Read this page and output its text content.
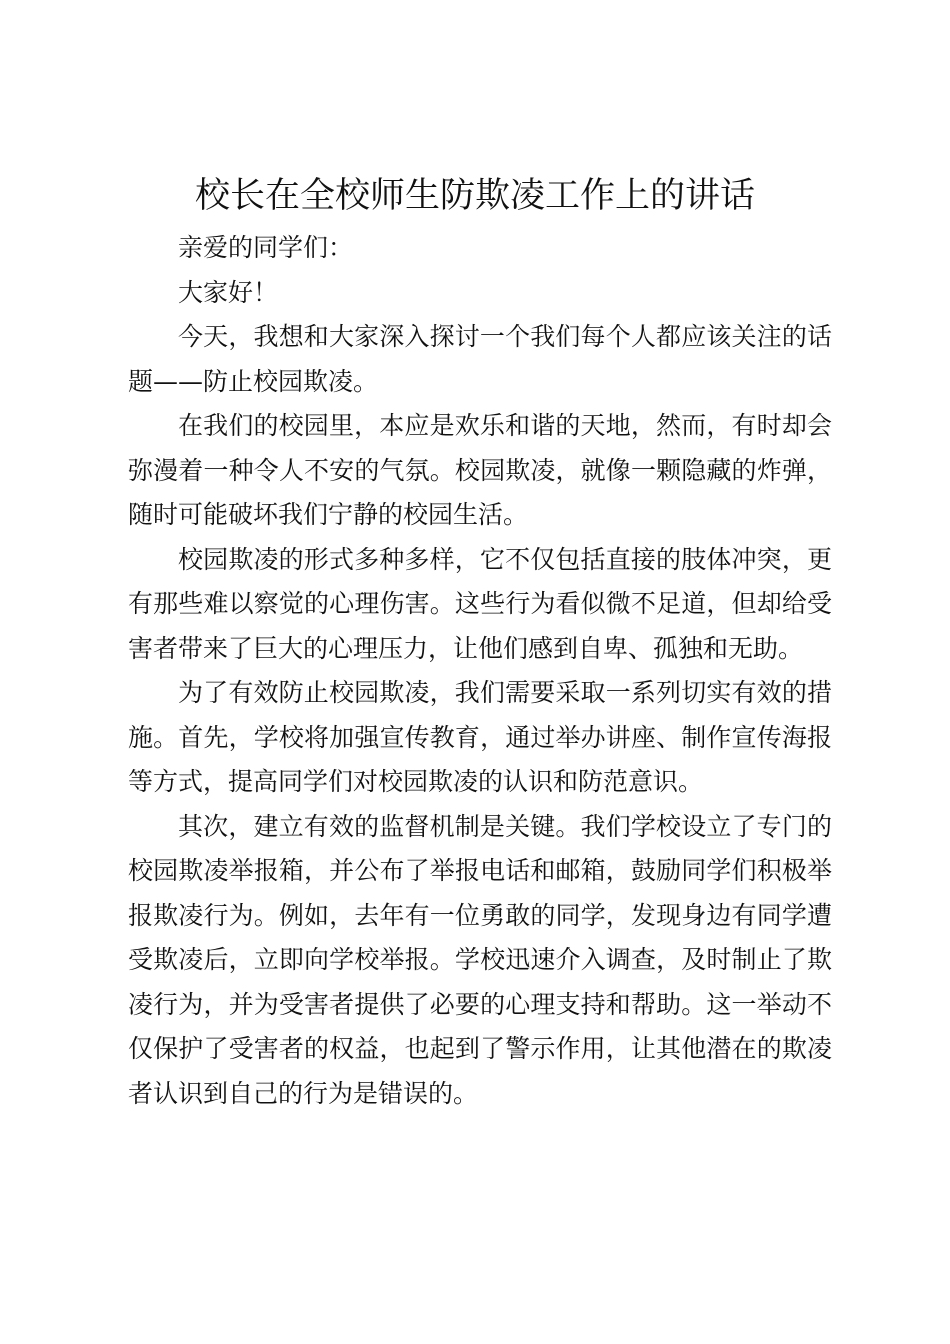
校长在全校师生防欺凌工作上的讲话

亲爱的同学们：

大家好！

今天，我想和大家深入探讨一个我们每个人都应该关注的话题——防止校园欺凌。

在我们的校园里，本应是欢乐和谐的天地，然而，有时却会弥漫着一种令人不安的气氛。校园欺凌，就像一颗隐藏的炸弹，随时可能破坏我们宁静的校园生活。

校园欺凌的形式多种多样，它不仅包括直接的肢体冲突，更有那些难以察觉的心理伤害。这些行为看似微不足道，但却给受害者带来了巨大的心理压力，让他们感到自卑、孤独和无助。

为了有效防止校园欺凌，我们需要采取一系列切实有效的措施。首先，学校将加强宣传教育，通过举办讲座、制作宣传海报等方式，提高同学们对校园欺凌的认识和防范意识。

其次，建立有效的监督机制是关键。我们学校设立了专门的校园欺凌举报箱，并公布了举报电话和邮箱，鼓励同学们积极举报欺凌行为。例如，去年有一位勇敢的同学，发现身边有同学遭受欺凌后，立即向学校举报。学校迅速介入调查，及时制止了欺凌行为，并为受害者提供了必要的心理支持和帮助。这一举动不仅保护了受害者的权益，也起到了警示作用，让其他潜在的欺凌者认识到自己的行为是错误的。
